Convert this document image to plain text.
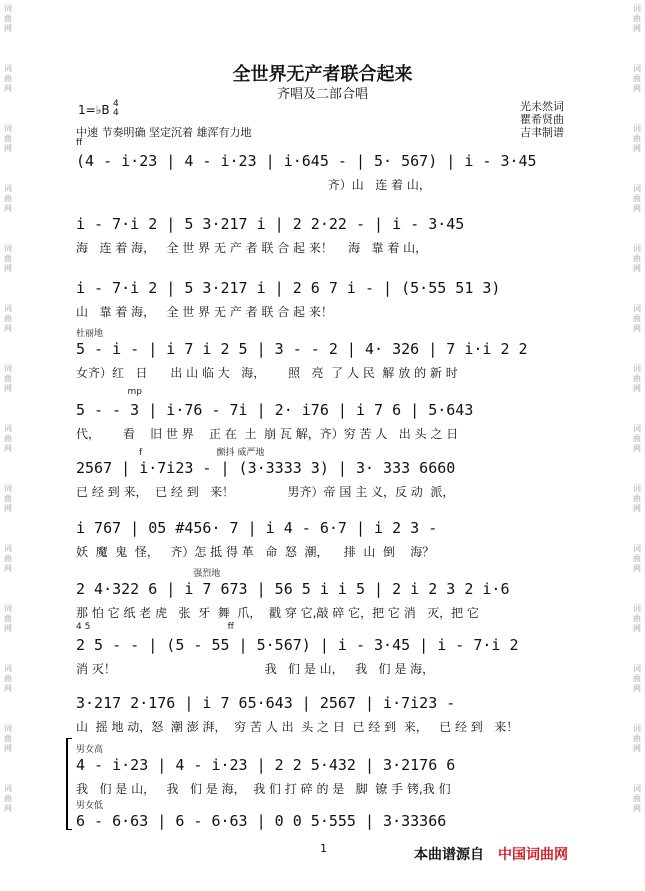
词
曲
网
词
曲
网
词
曲
网
词
曲
网
词
曲
网
词
曲
网
词
曲
网
词
曲
网
词
曲
网
词
曲
网
词
曲
网
词
曲
网
词
曲
网
词
曲
网
词
曲
网
词
曲
网
词
曲
网
词
曲
网
词
曲
网
词
曲
网
词
曲
网
词
曲
网
词
曲
网
词
曲
网
词
曲
网
词
曲
网
词
曲
网
词
曲
网
全世界无产者联合起来
齐唱及二部合唱
1=♭B 4
4
中速 节奏明确 坚定沉着 雄浑有力地
光未然词
瞿希贤曲
吉聿制谱
ff
(4 - i·23 | 4 - i·23 | i·645 - | 5· 567) | i - 3·45
齐）山   连 着 山，
i - 7·i 2 | 5 3·217 i | 2 2·22 - | i - 3·45
海   连 着 海，   全 世 界 无 产 者 联 合 起 来！    海   靠 着 山，
i - 7·i 2 | 5 3·217 i | 2 6 7 i - | (5·55 51 3)
山   靠 着 海，   全 世 界 无 产 者 联 合 起 来！
杜丽地
5 - i - | i 7 i 2 5 | 3 - - 2 | 4· 326 | 7 i·i 2 2
女齐）红   日      出 山 临 大   海，      照   亮  了 人 民  解 放 的 新 时
mp
5 - - 3 | i·76 - 7i | 2· i76 | i 7 6 | 5·643
代，      看    旧 世 界    正 在  土  崩 瓦 解，齐）穷 苦 人   出 头 之 日
f                          颤抖 威严地
2567 | i·7i23 - | (3·3333 3) | 3· 333 6660
已 经 到 来，  已 经 到   来！              男齐）帝 国 主 义，反 动  派，
i 767 | 05 #456· 7 | i 4 - 6·7 | i 2 3 -
妖  魔  鬼  怪，   齐）怎 抵 得 革   命  怒  潮，    排  山  倒    海？
强烈地
2 4·322 6 | i 7 673 | 56 5 i i 5 | 2 i 2 3 2 i·6
那 怕 它 纸 老 虎   张  牙  舞  爪，  戳 穿 它,敲 碎 它，把 它 消   灭，把 它
4 5                                                ff
2 5 - - | (5 - 55 | 5·567) | i - 3·45 | i - 7·i 2
消 灭！                                       我   们 是 山，   我   们 是 海，
3·217 2·176 | i 7 65·643 | 2567 | i·7i23 -
山  摇 地 动，怒  潮 澎 湃，  穷 苦 人 出  头 之 日  已 经 到  来，   已 经 到   来！
男女高
4 - i·23 | 4 - i·23 | 2 2 5·432 | 3·2176 6
我   们 是 山，   我   们 是 海，  我 们 打 碎 的 是   脚  镣 手 铐,我 们
男女低
6 - 6·63 | 6 - 6·63 | 0 0 5·555 | 3·33366
1	本曲谱源自 中国词曲网
